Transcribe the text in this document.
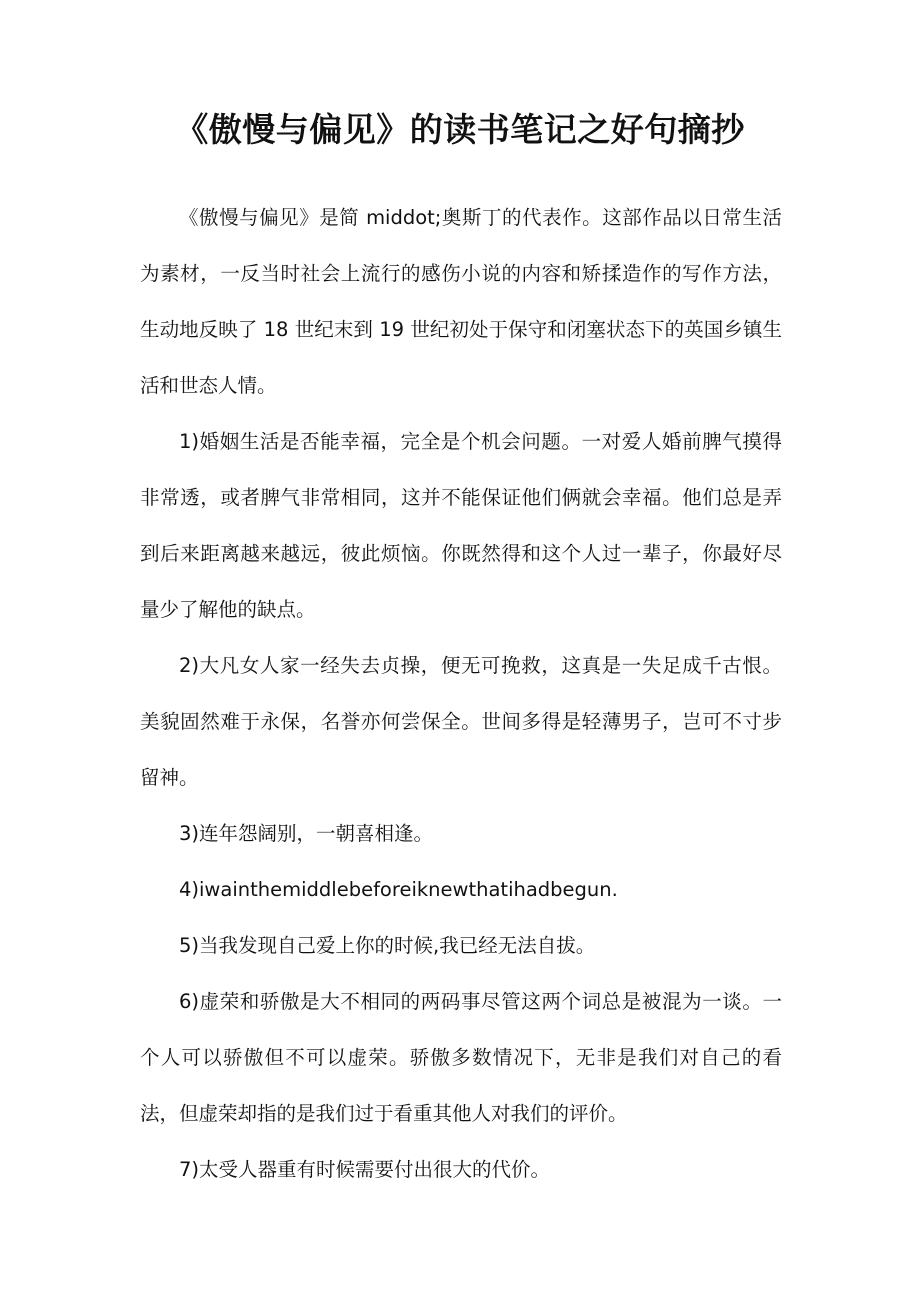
《傲慢与偏见》的读书笔记之好句摘抄

《傲慢与偏见》是简 middot;奥斯丁的代表作。这部作品以日常生活为素材，一反当时社会上流行的感伤小说的内容和矫揉造作的写作方法，生动地反映了 18 世纪末到 19 世纪初处于保守和闭塞状态下的英国乡镇生活和世态人情。

1)婚姻生活是否能幸福，完全是个机会问题。一对爱人婚前脾气摸得非常透，或者脾气非常相同，这并不能保证他们俩就会幸福。他们总是弄到后来距离越来越远，彼此烦恼。你既然得和这个人过一辈子，你最好尽量少了解他的缺点。

2)大凡女人家一经失去贞操，便无可挽救，这真是一失足成千古恨。美貌固然难于永保，名誉亦何尝保全。世间多得是轻薄男子，岂可不寸步留神。

3)连年怨阔别，一朝喜相逢。

4)iwainthemiddlebeforeiknewthatihadbegun.

5)当我发现自己爱上你的时候,我已经无法自拔。

6)虚荣和骄傲是大不相同的两码事尽管这两个词总是被混为一谈。一个人可以骄傲但不可以虚荣。骄傲多数情况下，无非是我们对自己的看法，但虚荣却指的是我们过于看重其他人对我们的评价。

7)太受人器重有时候需要付出很大的代价。
